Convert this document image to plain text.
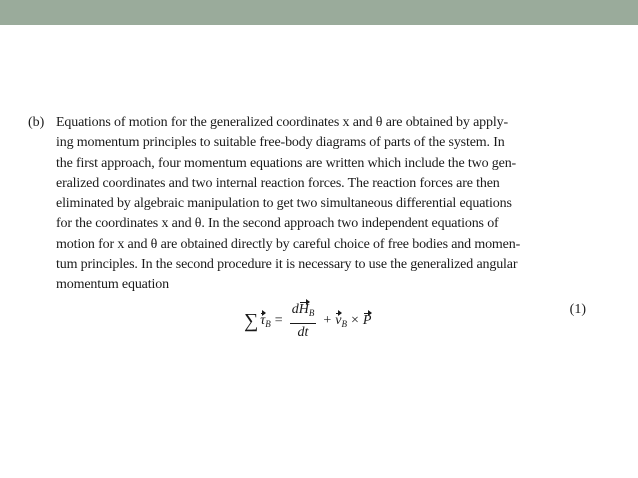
(b) Equations of motion for the generalized coordinates x and θ are obtained by apply-
ing momentum principles to suitable free-body diagrams of parts of the system. In
the first approach, four momentum equations are written which include the two gen-
eralized coordinates and two internal reaction forces. The reaction forces are then
eliminated by algebraic manipulation to get two simultaneous differential equations
for the coordinates x and θ. In the second approach two independent equations of
motion for x and θ are obtained directly by careful choice of free bodies and momen-
tum principles. In the second procedure it is necessary to use the generalized angular
momentum equation
∑ $\tau_B = \frac{dH_B}{dt} + v_B \times P$
(1)
